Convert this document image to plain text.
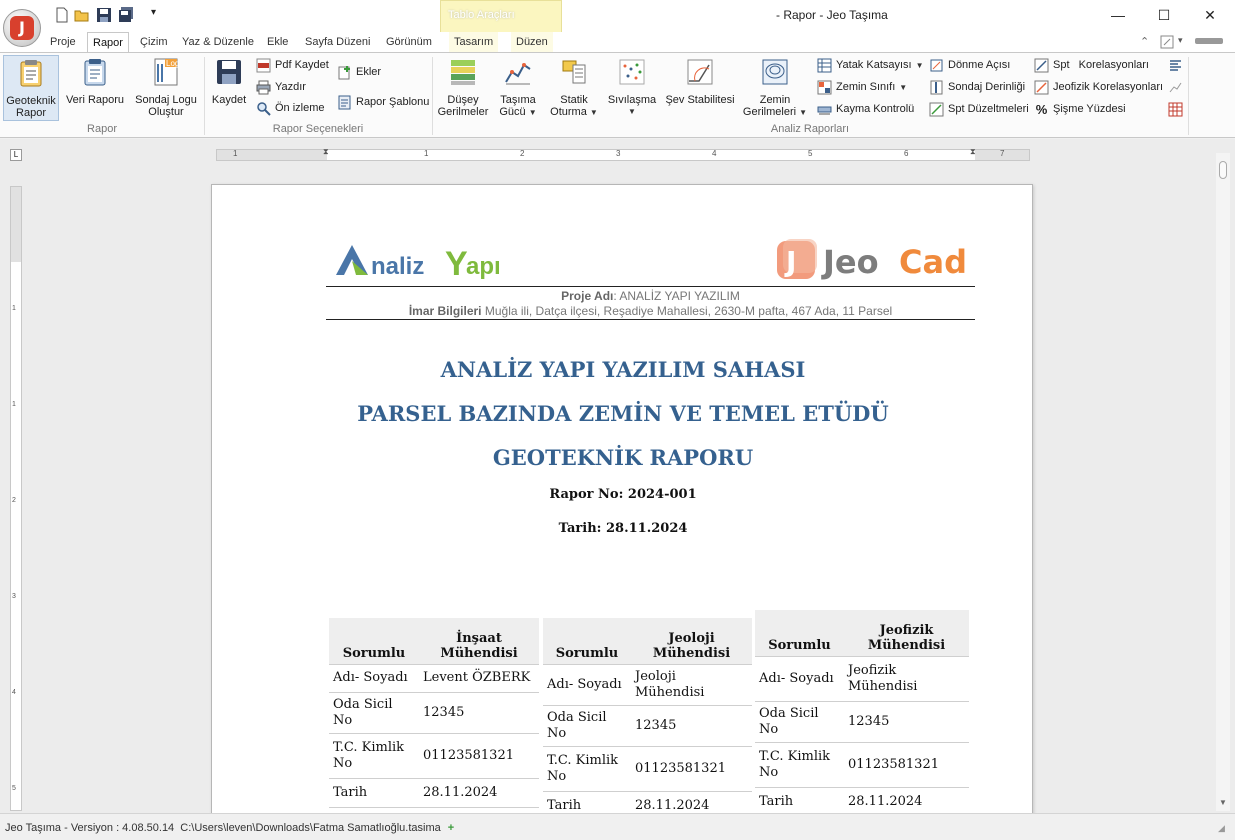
J
▾	Tablo Araçları	- Rapor - Jeo Taşıma	—	☐	✕
Proje	Rapor	Çizim	Yaz & Düzenle	Ekle	Sayfa Düzeni	Görünüm	Tasarım	Düzen	⌃	▾
Geoteknik
Rapor
Veri Raporu
Log
Sondaj Logu
Oluştur
Rapor
Kaydet
Pdf Kaydet
Yazdır
Ön izleme
Ekler
Rapor Şablonu
Rapor Seçenekleri
Düşey
Gerilmeler
Taşıma
Gücü ▼
Statik
Oturma ▼
Sıvılaşma
▼
Şev Stabilitesi	Zemin
Gerilmeleri ▼
Yatak Katsayısı ▼
Zemin Sınıfı ▼
Kayma Kontrolü
Dönme Açısı
Sondaj Derinliği
Spt Düzeltmeleri
Spt   Korelasyonları
Jeofizik Korelasyonları
% Şişme Yüzdesi
Analiz Raporları
L	1	1	2	3	4	5	6	7
⧗	⧗
1
1
2
3
4
5
▼
naliz Y
apı	J Jeo Cad
Proje Adı: ANALİZ YAPI YAZILIM
İmar Bilgileri Muğla ili, Datça ilçesi, Reşadiye Mahallesi, 2630-M pafta, 467 Ada, 11 Parsel
ANALİZ YAPI YAZILIM SAHASI
PARSEL BAZINDA ZEMİN VE TEMEL ETÜDÜ
GEOTEKNİK RAPORU
Rapor No: 2024-001
Tarih: 28.11.2024
Sorumlu	İnşaat Mühendisi
Adı- Soyadı	Levent ÖZBERK
Oda Sicil No	12345
T.C. Kimlik No	01123581321
Tarih	28.11.2024
Sorumlu	Jeoloji Mühendisi
Adı- Soyadı	Jeoloji Mühendisi
Oda Sicil No	12345
T.C. Kimlik No	01123581321
Tarih	28.11.2024
Sorumlu	Jeofizik Mühendisi
Adı- Soyadı	Jeofizik Mühendisi
Oda Sicil No	12345
T.C. Kimlik No	01123581321
Tarih	28.11.2024
Jeo Taşıma - Versiyon : 4.08.50.14  C:\Users\leven\Downloads\Fatma Samatlıoğlu.tasima +	◢
